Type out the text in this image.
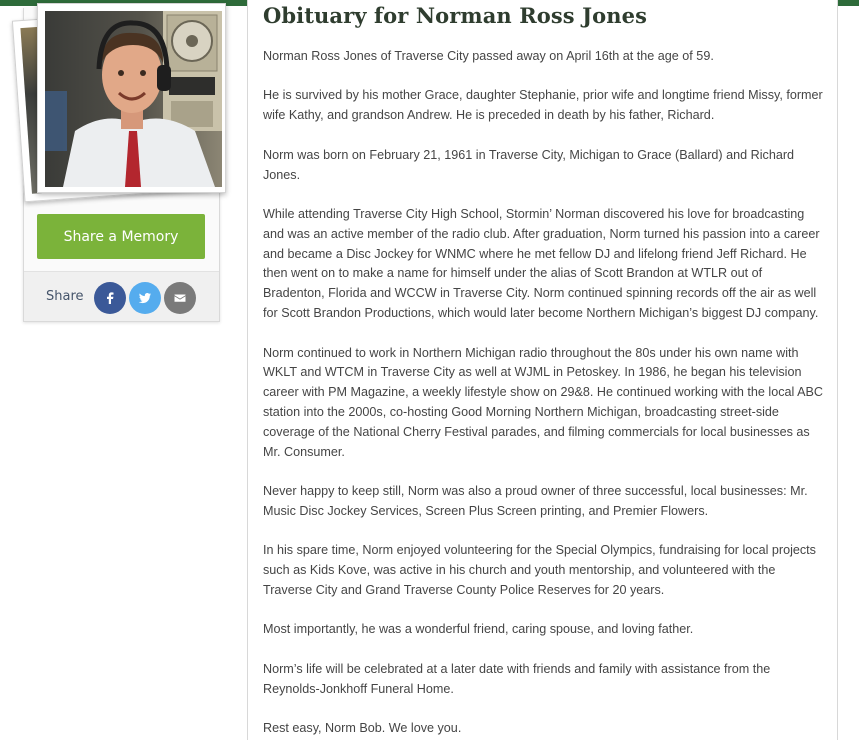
Share a Memory
Share
Obituary for Norman Ross Jones

Norman Ross Jones of Traverse City passed away on April 16th at the age of 59.

He is survived by his mother Grace, daughter Stephanie, prior wife and longtime friend Missy, former wife Kathy, and grandson Andrew. He is preceded in death by his father, Richard.

Norm was born on February 21, 1961 in Traverse City, Michigan to Grace (Ballard) and Richard Jones.

While attending Traverse City High School, Stormin’ Norman discovered his love for broadcasting and was an active member of the radio club. After graduation, Norm turned his passion into a career and became a Disc Jockey for WNMC where he met fellow DJ and lifelong friend Jeff Richard. He then went on to make a name for himself under the alias of Scott Brandon at WTLR out of Bradenton, Florida and WCCW in Traverse City. Norm continued spinning records off the air as well for Scott Brandon Productions, which would later become Northern Michigan’s biggest DJ company.

Norm continued to work in Northern Michigan radio throughout the 80s under his own name with WKLT and WTCM in Traverse City as well at WJML in Petoskey. In 1986, he began his television career with PM Magazine, a weekly lifestyle show on 29&8. He continued working with the local ABC station into the 2000s, co-hosting Good Morning Northern Michigan, broadcasting street-side coverage of the National Cherry Festival parades, and filming commercials for local businesses as Mr. Consumer.

Never happy to keep still, Norm was also a proud owner of three successful, local businesses: Mr. Music Disc Jockey Services, Screen Plus Screen printing, and Premier Flowers.

In his spare time, Norm enjoyed volunteering for the Special Olympics, fundraising for local projects such as Kids Kove, was active in his church and youth mentorship, and volunteered with the Traverse City and Grand Traverse County Police Reserves for 20 years.

Most importantly, he was a wonderful friend, caring spouse, and loving father.

Norm’s life will be celebrated at a later date with friends and family with assistance from the Reynolds-Jonkhoff Funeral Home.

Rest easy, Norm Bob. We love you.
